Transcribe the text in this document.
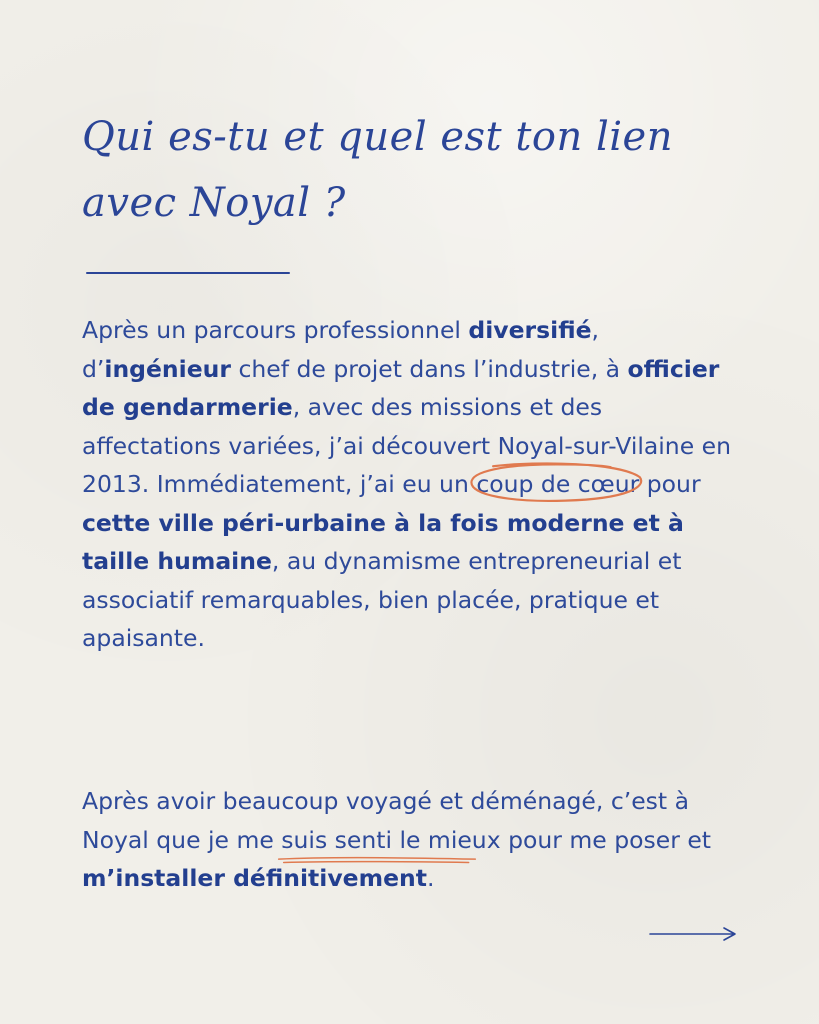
Qui es-tu et quel est ton lien
avec Noyal ?

Après un parcours professionnel diversifié, d’ingénieur chef de projet dans l’industrie, à officier de gendarmerie, avec des missions et des affectations variées, j’ai découvert Noyal-sur-Vilaine en 2013. Immédiatement, j’ai eu un coup de cœur
pour cette ville péri-urbaine à la fois moderne et à taille humaine, au dynamisme entrepreneurial et associatif remarquables, bien placée, pratique et apaisante.

Après avoir beaucoup voyagé et déménagé, c’est à Noyal que je me suis senti le mieux
pour me poser et m’installer définitivement.
